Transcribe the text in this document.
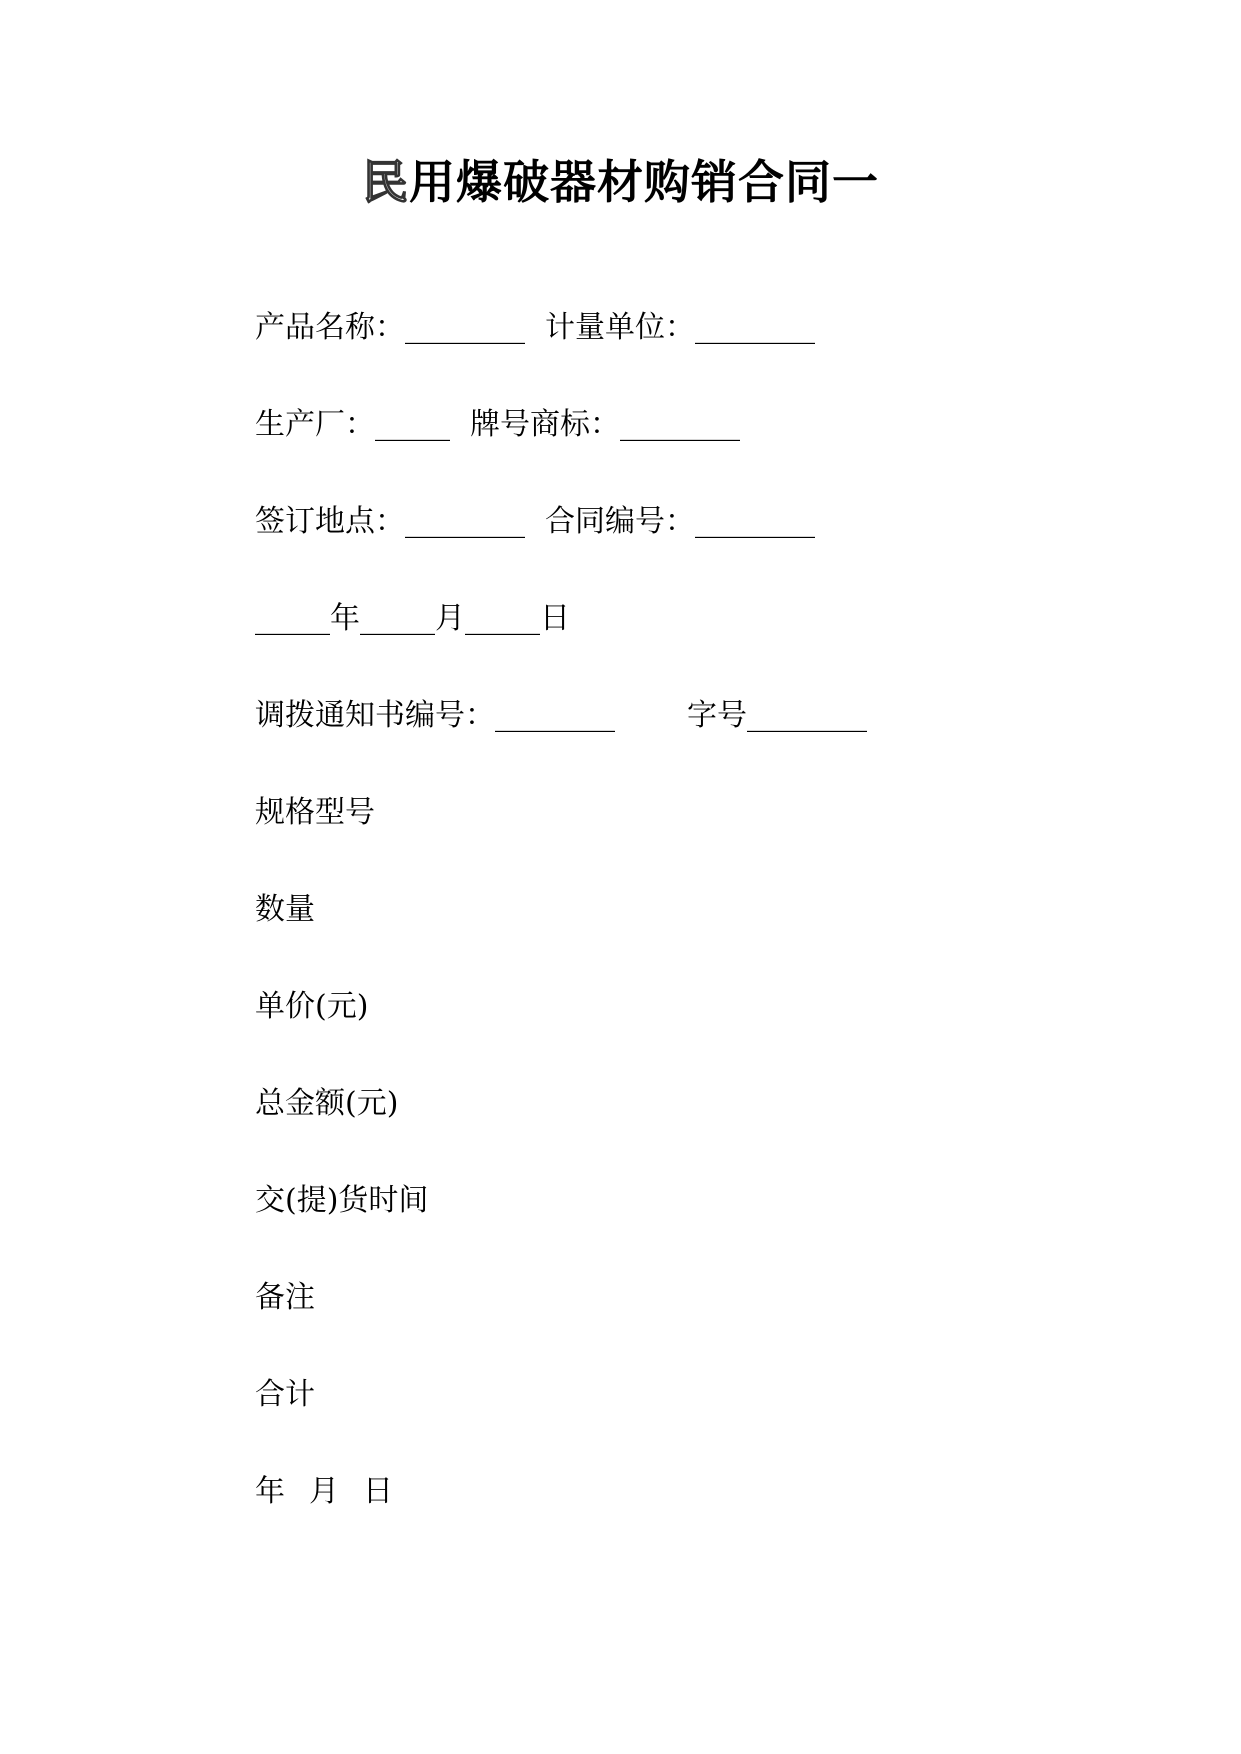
民用爆破器材购销合同一
产品名称：________ 计量单位：________
生产厂：_____ 牌号商标：________
签订地点：________ 合同编号：________
_____年_____月_____日
调拨通知书编号：________ 字号________
规格型号
数量
单价(元)
总金额(元)
交(提)货时间
备注
合计
年 月 日
